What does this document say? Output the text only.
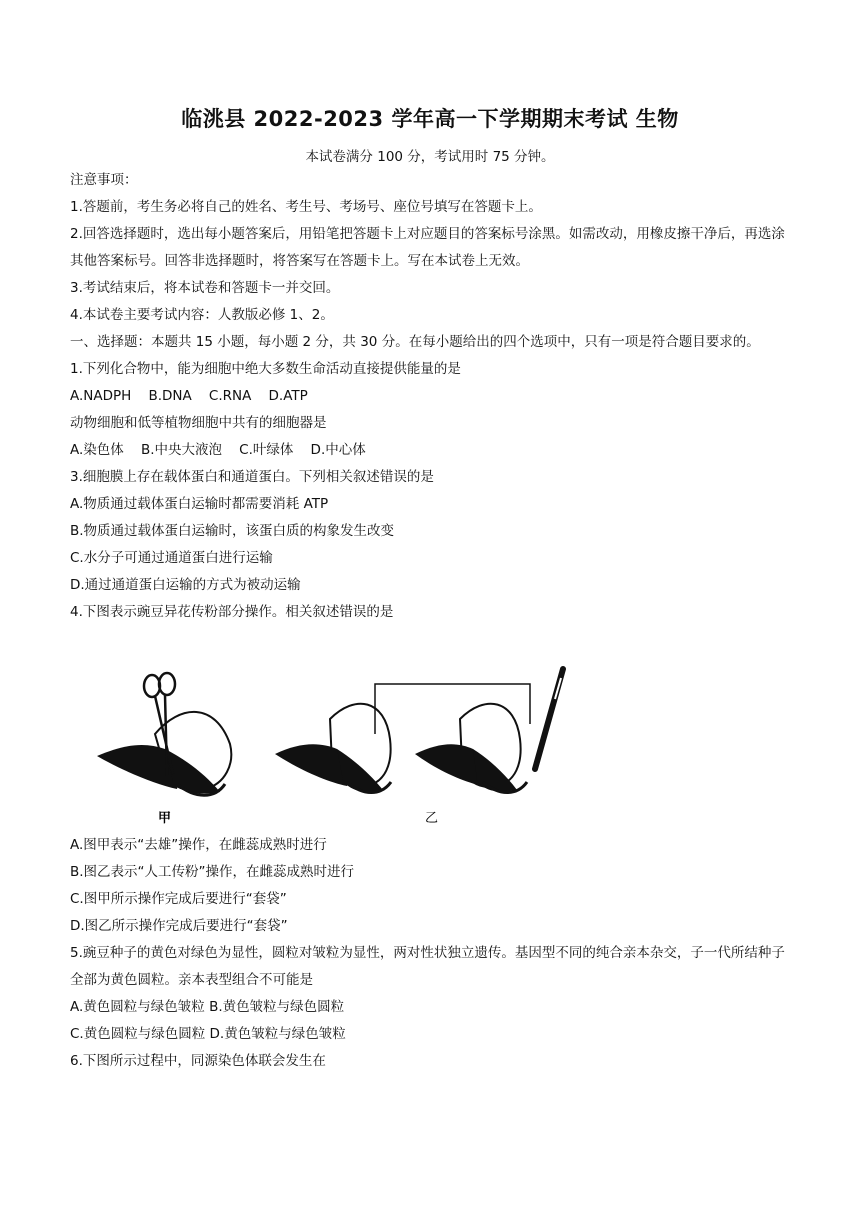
临洮县 2022-2023 学年高一下学期期末考试 生物
本试卷满分 100 分，考试用时 75 分钟。
注意事项：
1.答题前，考生务必将自己的姓名、考生号、考场号、座位号填写在答题卡上。
2.回答选择题时，选出每小题答案后，用铅笔把答题卡上对应题目的答案标号涂黑。如需改动，用橡皮擦干净后，再选涂其他答案标号。回答非选择题时，将答案写在答题卡上。写在本试卷上无效。
3.考试结束后，将本试卷和答题卡一并交回。
4.本试卷主要考试内容：人教版必修 1、2。
一、选择题：本题共 15 小题，每小题 2 分，共 30 分。在每小题给出的四个选项中，只有一项是符合题目要求的。
1.下列化合物中，能为细胞中绝大多数生命活动直接提供能量的是
A.NADPH    B.DNA    C.RNA    D.ATP
动物细胞和低等植物细胞中共有的细胞器是
A.染色体    B.中央大液泡    C.叶绿体    D.中心体
3.细胞膜上存在载体蛋白和通道蛋白。下列相关叙述错误的是
A.物质通过载体蛋白运输时都需要消耗 ATP
B.物质通过载体蛋白运输时，该蛋白质的构象发生改变
C.水分子可通过通道蛋白进行运输
D.通过通道蛋白运输的方式为被动运输
4.下图表示豌豆异花传粉部分操作。相关叙述错误的是
甲	乙
A.图甲表示“去雄”操作，在雌蕊成熟时进行
B.图乙表示“人工传粉”操作，在雌蕊成熟时进行
C.图甲所示操作完成后要进行“套袋”
D.图乙所示操作完成后要进行“套袋”
5.豌豆种子的黄色对绿色为显性，圆粒对皱粒为显性，两对性状独立遗传。基因型不同的纯合亲本杂交，子一代所结种子全部为黄色圆粒。亲本表型组合不可能是
A.黄色圆粒与绿色皱粒 B.黄色皱粒与绿色圆粒
C.黄色圆粒与绿色圆粒 D.黄色皱粒与绿色皱粒
6.下图所示过程中，同源染色体联会发生在
